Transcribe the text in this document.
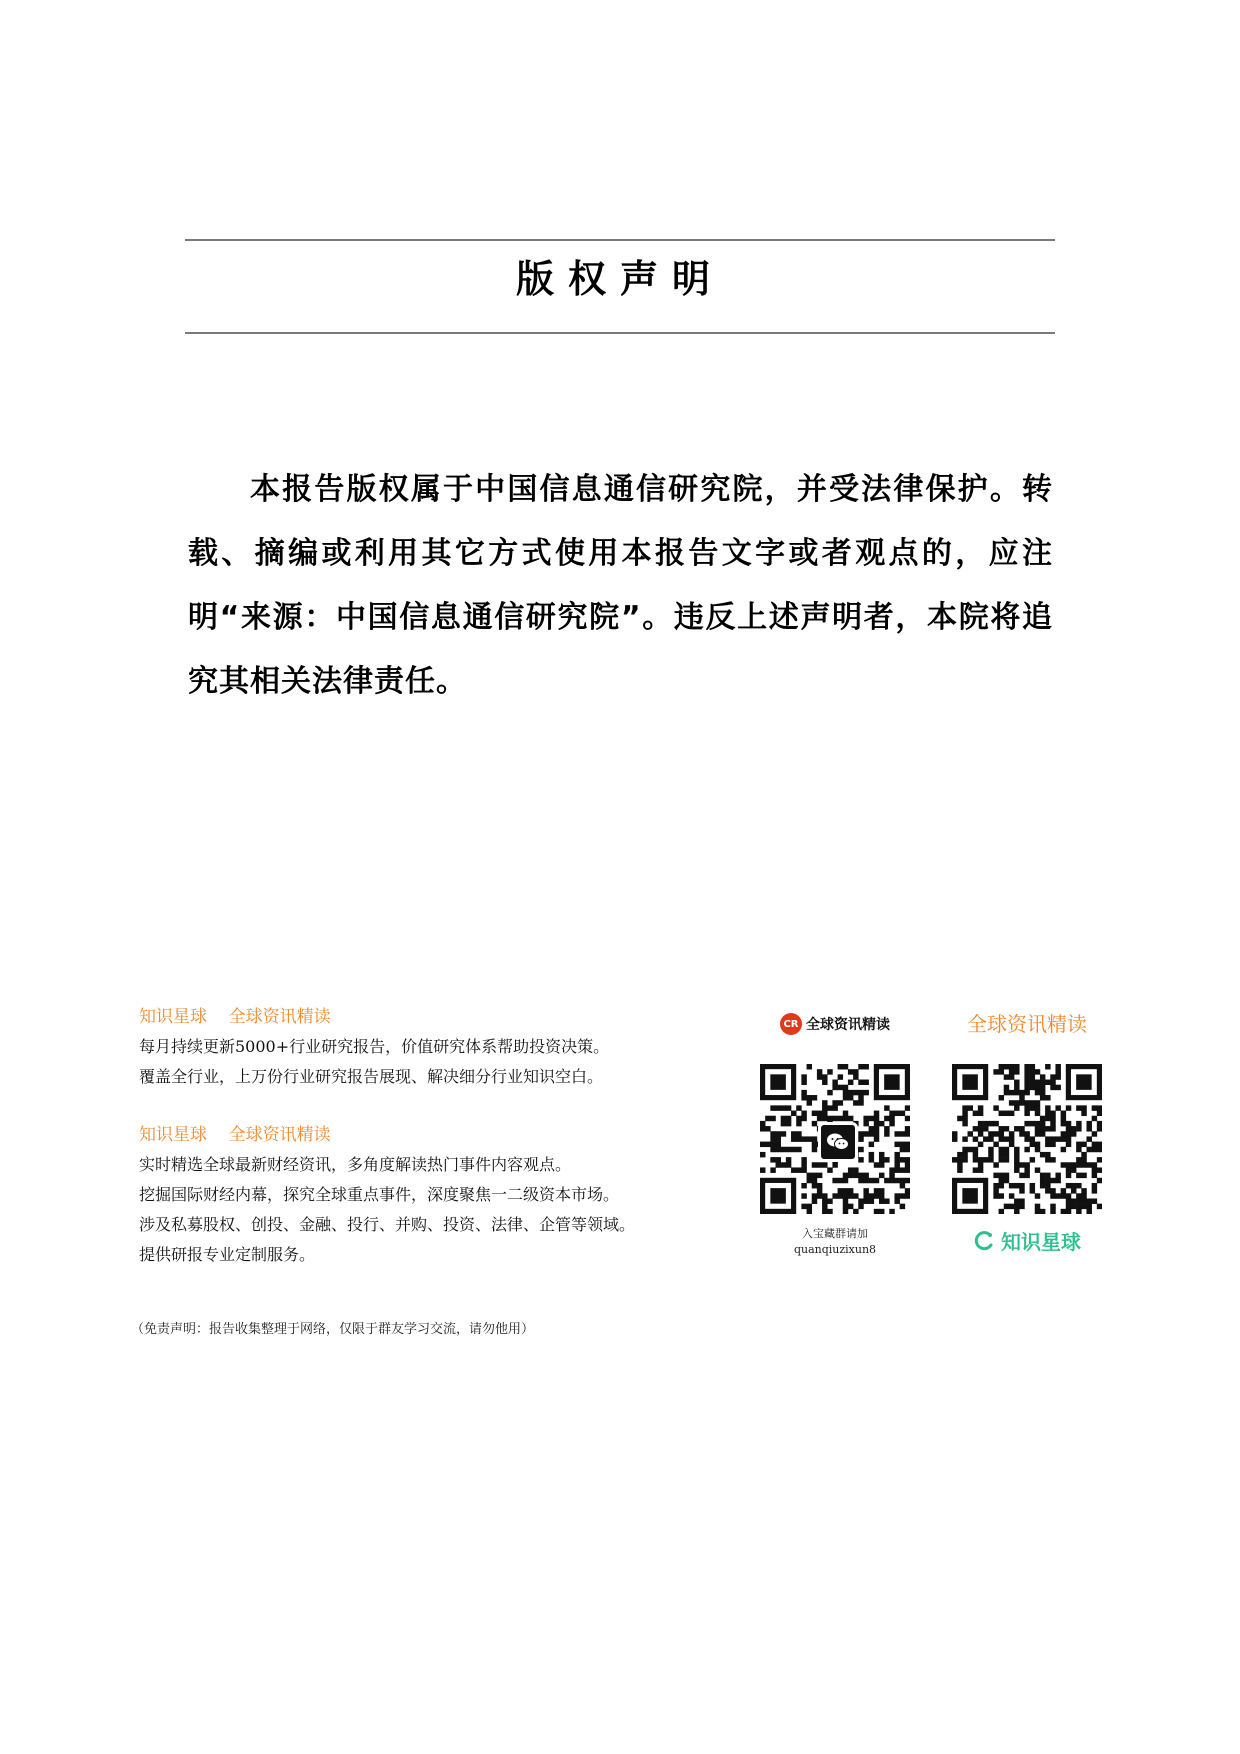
版权声明

本报告版权属于中国信息通信研究院，并受法律保护。转载、摘编或利用其它方式使用本报告文字或者观点的，应注明“来源：中国信息通信研究院”。违反上述声明者，本院将追究其相关法律责任。

知识星球    全球资讯精读
每月持续更新5000+行业研究报告，价值研究体系帮助投资决策。
覆盖全行业，上万份行业研究报告展现、解决细分行业知识空白。
知识星球    全球资讯精读
实时精选全球最新财经资讯，多角度解读热门事件内容观点。
挖掘国际财经内幕，探究全球重点事件，深度聚焦一二级资本市场。
涉及私募股权、创投、金融、投行、并购、投资、法律、企管等领域。
提供研报专业定制服务。
CR 全球资讯精读
入宝藏群请加
quanqiuzixun8
全球资讯精读
知识星球
（免责声明：报告收集整理于网络，仅限于群友学习交流，请勿他用）
